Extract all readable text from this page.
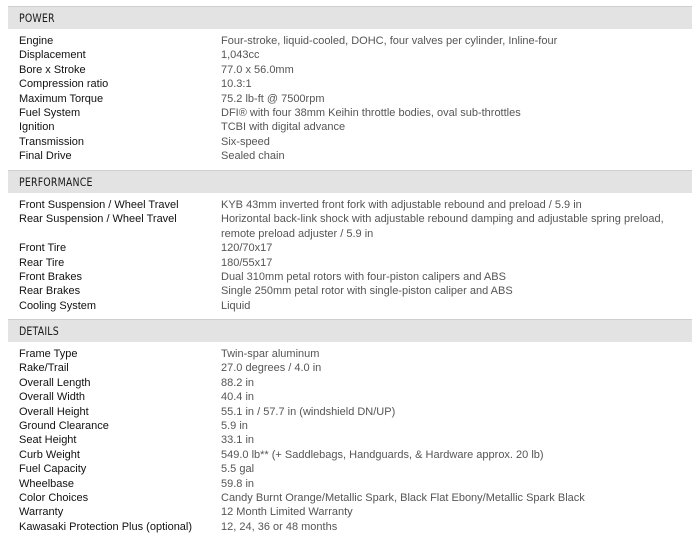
POWER
Engine	Four-stroke, liquid-cooled, DOHC, four valves per cylinder, Inline-four
Displacement	1,043cc
Bore x Stroke	77.0 x 56.0mm
Compression ratio	10.3:1
Maximum Torque	75.2 lb-ft @ 7500rpm
Fuel System	DFI® with four 38mm Keihin throttle bodies, oval sub-throttles
Ignition	TCBI with digital advance
Transmission	Six-speed
Final Drive	Sealed chain
PERFORMANCE
Front Suspension / Wheel Travel	KYB 43mm inverted front fork with adjustable rebound and preload / 5.9 in
Rear Suspension / Wheel Travel	Horizontal back-link shock with adjustable rebound damping and adjustable spring preload, remote preload adjuster / 5.9 in
Front Tire	120/70x17
Rear Tire	180/55x17
Front Brakes	Dual 310mm petal rotors with four-piston calipers and ABS
Rear Brakes	Single 250mm petal rotor with single-piston caliper and ABS
Cooling System	Liquid
DETAILS
Frame Type	Twin-spar aluminum
Rake/Trail	27.0 degrees / 4.0 in
Overall Length	88.2 in
Overall Width	40.4 in
Overall Height	55.1 in / 57.7 in (windshield DN/UP)
Ground Clearance	5.9 in
Seat Height	33.1 in
Curb Weight	549.0 lb** (+ Saddlebags, Handguards, & Hardware approx. 20 lb)
Fuel Capacity	5.5 gal
Wheelbase	59.8 in
Color Choices	Candy Burnt Orange/Metallic Spark, Black Flat Ebony/Metallic Spark Black
Warranty	12 Month Limited Warranty
Kawasaki Protection Plus (optional)	12, 24, 36 or 48 months
